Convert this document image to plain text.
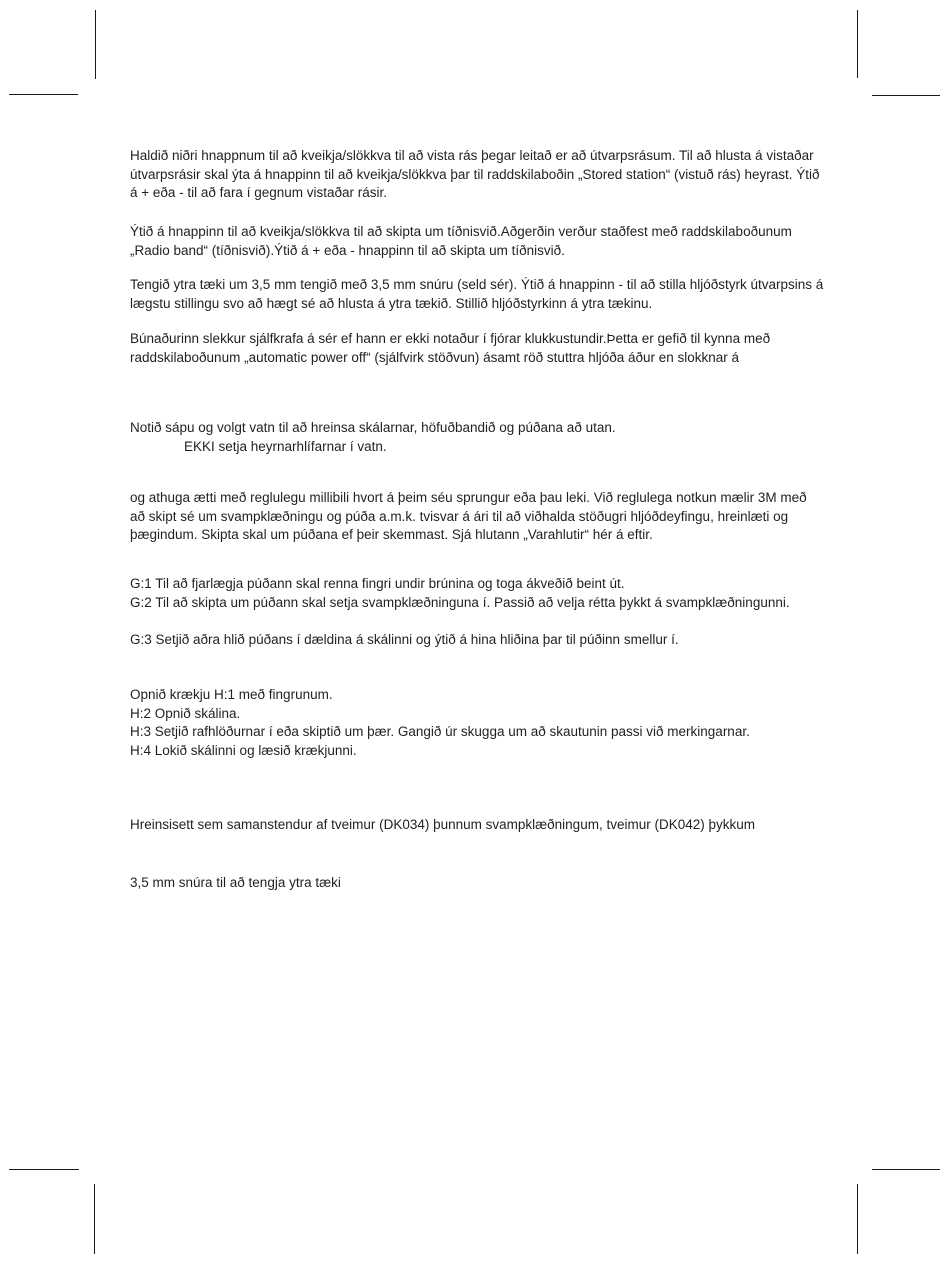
Haldið niðri hnappnum til að kveikja/slökkva til að vista rás þegar leitað er að útvarpsrásum. Til að hlusta á vistaðar
útvarpsrásir skal ýta á hnappinn til að kveikja/slökkva þar til raddskilaboðin „Stored station“ (vistuð rás) heyrast. Ýtið
á + eða - til að fara í gegnum vistaðar rásir.
Ýtið á hnappinn til að kveikja/slökkva til að skipta um tíðnisvið.Aðgerðin verður staðfest með raddskilaboðunum
„Radio band“ (tíðnisvið).Ýtið á + eða - hnappinn til að skipta um tíðnisvið.
Tengið ytra tæki um 3,5 mm tengið með 3,5 mm snúru (seld sér). Ýtið á hnappinn - til að stilla hljóðstyrk útvarpsins á
lægstu stillingu svo að hægt sé að hlusta á ytra tækið. Stillið hljóðstyrkinn á ytra tækinu.
Búnaðurinn slekkur sjálfkrafa á sér ef hann er ekki notaður í fjórar klukkustundir.Þetta er gefið til kynna með
raddskilaboðunum „automatic power off“ (sjálfvirk stöðvun) ásamt röð stuttra hljóða áður en slokknar á
Notið sápu og volgt vatn til að hreinsa skálarnar, höfuðbandið og púðana að utan.
EKKI setja heyrnarhlífarnar í vatn.
og athuga ætti með reglulegu millibili hvort á þeim séu sprungur eða þau leki. Við reglulega notkun mælir 3M með
að skipt sé um svampklæðningu og púða a.m.k. tvisvar á ári til að viðhalda stöðugri hljóðdeyfingu, hreinlæti og
þægindum. Skipta skal um púðana ef þeir skemmast. Sjá hlutann „Varahlutir“ hér á eftir.
G:1 Til að fjarlægja púðann skal renna fingri undir brúnina og toga ákveðið beint út.
G:2 Til að skipta um púðann skal setja svampklæðninguna í. Passið að velja rétta þykkt á svampklæðningunni.
G:3 Setjið aðra hlið púðans í dældina á skálinni og ýtið á hina hliðina þar til púðinn smellur í.
Opnið krækju H:1 með fingrunum.
H:2 Opnið skálina.
H:3 Setjið rafhlöðurnar í eða skiptið um þær. Gangið úr skugga um að skautunin passi við merkingarnar.
H:4 Lokið skálinni og læsið krækjunni.
Hreinsisett sem samanstendur af tveimur (DK034) þunnum svampklæðningum, tveimur (DK042) þykkum
3,5 mm snúra til að tengja ytra tæki
